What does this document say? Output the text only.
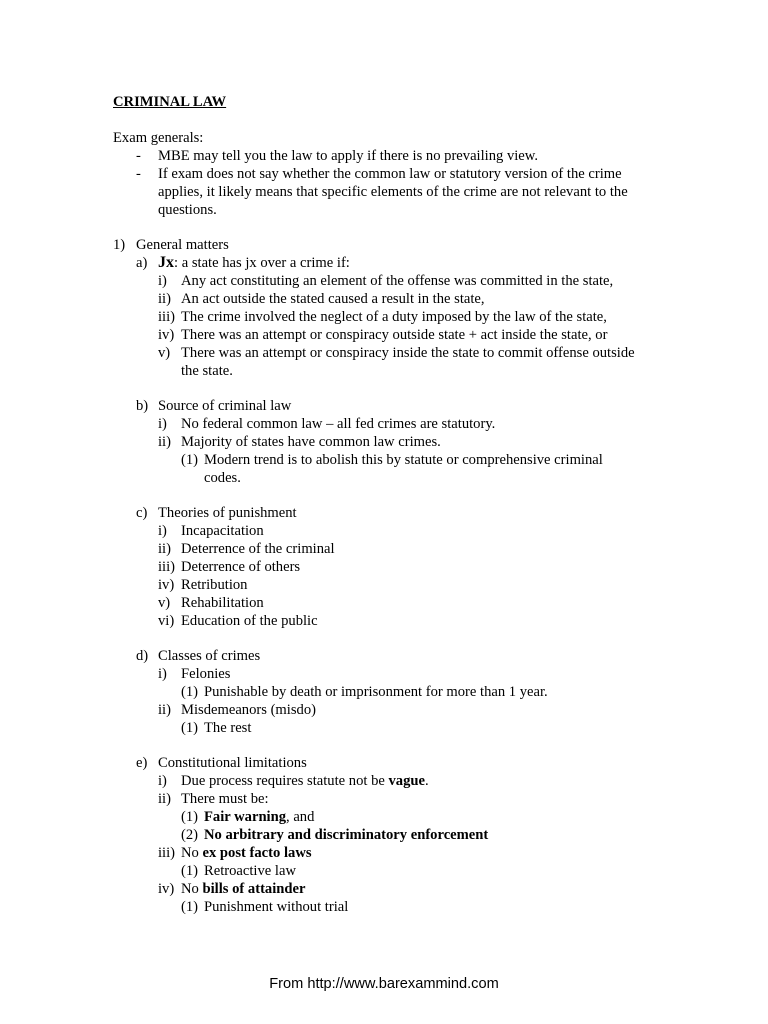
CRIMINAL LAW
Exam generals:
- MBE may tell you the law to apply if there is no prevailing view.
- If exam does not say whether the common law or statutory version of the crime
applies, it likely means that specific elements of the crime are not relevant to the
questions.
1) General matters
a) Jx: a state has jx over a crime if:
i) Any act constituting an element of the offense was committed in the state,
ii) An act outside the stated caused a result in the state,
iii) The crime involved the neglect of a duty imposed by the law of the state,
iv) There was an attempt or conspiracy outside state + act inside the state, or
v) There was an attempt or conspiracy inside the state to commit offense outside
the state.
b) Source of criminal law
i) No federal common law – all fed crimes are statutory.
ii) Majority of states have common law crimes.
(1) Modern trend is to abolish this by statute or comprehensive criminal
codes.
c) Theories of punishment
i) Incapacitation
ii) Deterrence of the criminal
iii) Deterrence of others
iv) Retribution
v) Rehabilitation
vi) Education of the public
d) Classes of crimes
i) Felonies
(1) Punishable by death or imprisonment for more than 1 year.
ii) Misdemeanors (misdo)
(1) The rest
e) Constitutional limitations
i) Due process requires statute not be vague.
ii) There must be:
(1) Fair warning, and
(2) No arbitrary and discriminatory enforcement
iii) No ex post facto laws
(1) Retroactive law
iv) No bills of attainder
(1) Punishment without trial
From http://www.barexammind.com
